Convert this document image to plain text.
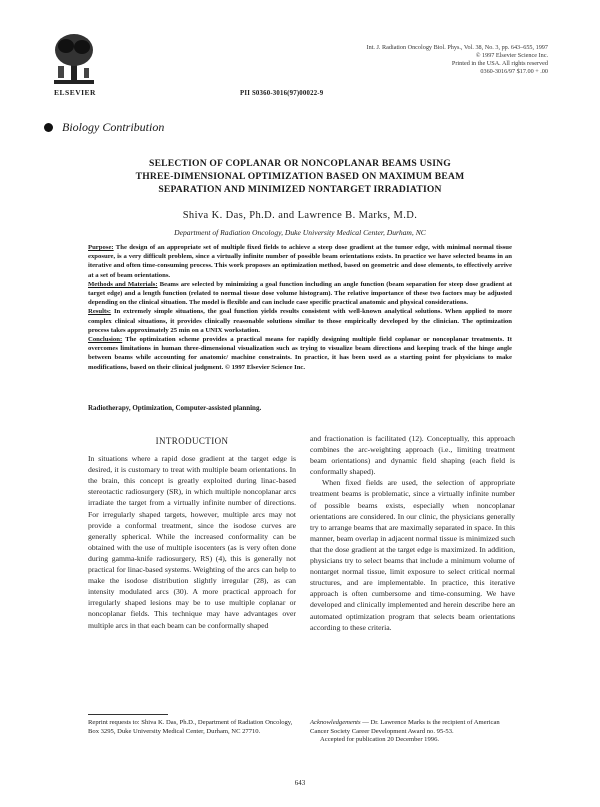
ELSEVIER
Int. J. Radiation Oncology Biol. Phys., Vol. 38, No. 3, pp. 643–655, 1997
© 1997 Elsevier Science Inc.
Printed in the USA. All rights reserved
0360-3016/97 $17.00 + .00
PII S0360-3016(97)00022-9
Biology Contribution
SELECTION OF COPLANAR OR NONCOPLANAR BEAMS USING
THREE-DIMENSIONAL OPTIMIZATION BASED ON MAXIMUM BEAM
SEPARATION AND MINIMIZED NONTARGET IRRADIATION
Shiva K. Das, Ph.D. and Lawrence B. Marks, M.D.
Department of Radiation Oncology, Duke University Medical Center, Durham, NC

Purpose: The design of an appropriate set of multiple fixed fields to achieve a steep dose gradient at the tumor edge, with minimal normal tissue exposure, is a very difficult problem, since a virtually infinite number of possible beam orientations exists. In practice we have selected beams in an iterative and often time-consuming process. This work proposes an optimization method, based on geometric and dose elements, to effectively arrive at a set of beam orientations.

Methods and Materials: Beams are selected by minimizing a goal function including an angle function (beam separation for steep dose gradient at target edge) and a length function (related to normal tissue dose volume histogram). The relative importance of these two factors may be adjusted depending on the clinical situation. The model is flexible and can include case specific practical anatomic and physical considerations.

Results: In extremely simple situations, the goal function yields results consistent with well-known analytical solutions. When applied to more complex clinical situations, it provides clinically reasonable solutions similar to those empirically developed by the clinician. The optimization process takes approximately 25 min on a UNIX workstation.

Conclusion: The optimization scheme provides a practical means for rapidly designing multiple field coplanar or noncoplanar treatments. It overcomes limitations in human three-dimensional visualization such as trying to visualize beam directions and keeping track of the hinge angle between beams while accounting for anatomic/ machine constraints. In practice, it has been used as a starting point for physicians to make modifications, based on their clinical judgment. © 1997 Elsevier Science Inc.

Radiotherapy, Optimization, Computer-assisted planning.
INTRODUCTION

In situations where a rapid dose gradient at the target edge is desired, it is customary to treat with multiple beam orientations. In the brain, this concept is greatly exploited during linac-based stereotactic radiosurgery (SR), in which multiple noncoplanar arcs irradiate the target from a virtually infinite number of directions. For irregularly shaped targets, however, multiple arcs may not provide a conformal treatment, since the isodose curves are generally spherical. While the increased conformality can be obtained with the use of multiple isocenters (as is very often done during gamma-knife radiosurgery, RS) (4), this is generally not practical for linac-based systems. Weighting of the arcs can help to make the isodose distribution slightly irregular (28), as can intensity modulated arcs (30). A more practical approach for irregularly shaped lesions may be to use multiple coplanar or noncoplanar fields. This technique may have advantages over multiple arcs in that each beam can be conformally shaped

and fractionation is facilitated (12). Conceptually, this approach combines the arc-weighting approach (i.e., limiting treatment beam orientations) and dynamic field shaping (each field is conformally shaped).

When fixed fields are used, the selection of appropriate treatment beams is problematic, since a virtually infinite number of possible beams exists, especially when noncoplanar orientations are considered. In our clinic, the physicians generally try to arrange beams that are maximally separated in space. In this manner, beam overlap in adjacent normal tissue is minimized such that the dose gradient at the target edge is maximized. In addition, physicians try to select beams that include a minimum volume of nontarget normal tissue, limit exposure to select critical normal structures, and are implementable. In practice, this iterative approach is often cumbersome and time-consuming. We have developed and clinically implemented and herein describe here an automated optimization program that selects beam orientations according to these criteria.

Reprint requests to: Shiva K. Das, Ph.D., Department of Radiation Oncology, Box 3295, Duke University Medical Center, Durham, NC 27710.
Acknowledgements — Dr. Lawrence Marks is the recipient of American Cancer Society Career Development Award no. 95-53.
Accepted for publication 20 December 1996.
643
